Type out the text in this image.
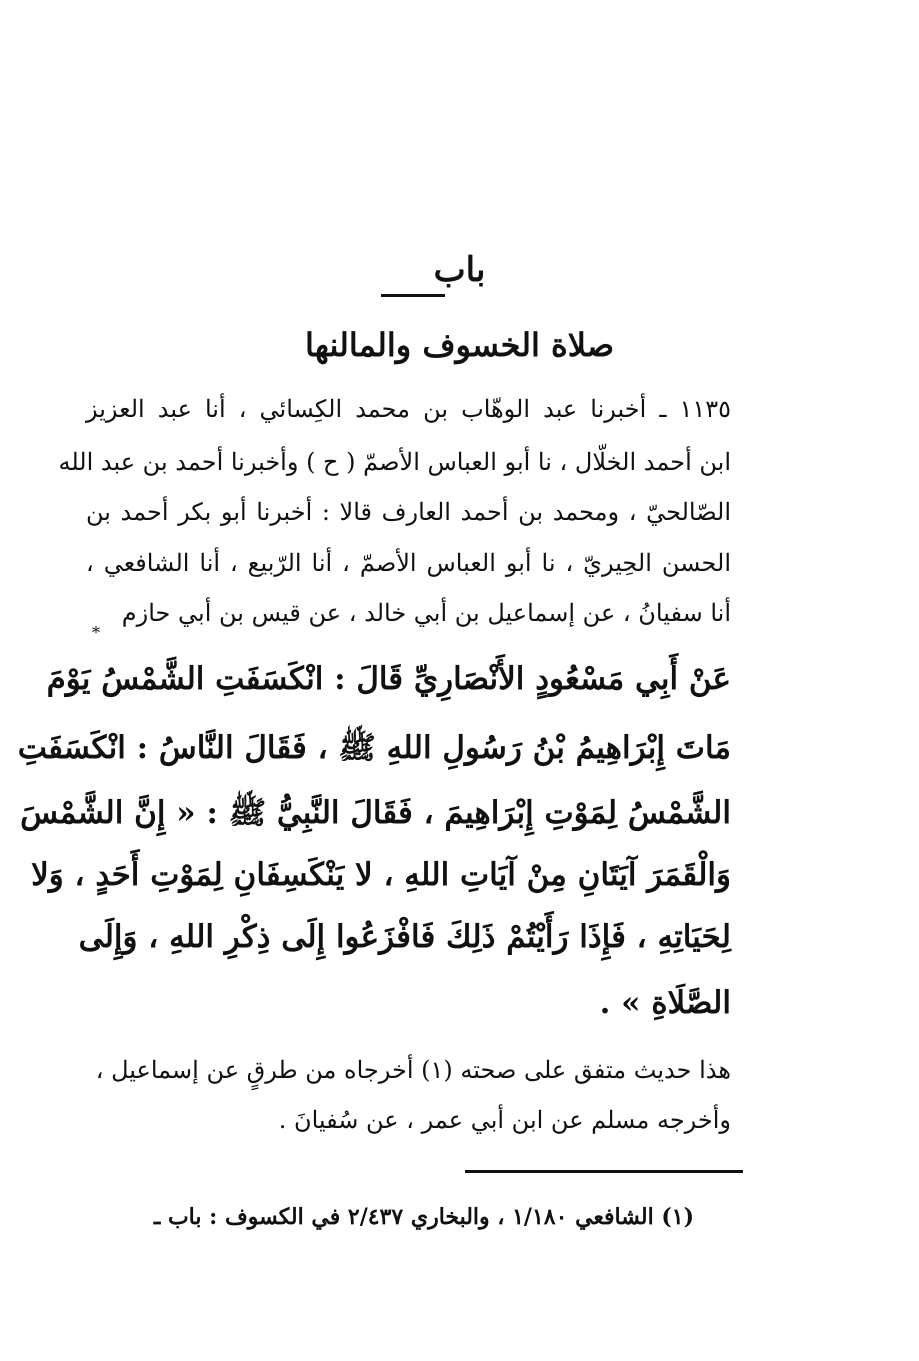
باب
صلاة الخسوف والمالنها
١١٣٥ ـ أخبرنا عبد الوهّاب بن محمد الكِسائي ، أنا عبد العزيز
ابن أحمد الخلّال ، نا أبو العباس الأصمّ ( ح ) وأخبرنا أحمد بن عبد الله
الصّالحيّ ، ومحمد بن أحمد العارف قالا : أخبرنا أبو بكر أحمد بن
الحسن الحِيريّ ، نا أبو العباس الأصمّ ، أنا الرّبيع ، أنا الشافعي ،
أنا سفيانُ ، عن إسماعيل بن أبي خالد ، عن قيس بن أبي حازم
*
عَنْ أَبِي مَسْعُودٍ الأَنْصَارِيِّ قَالَ : انْكَسَفَتِ الشَّمْسُ يَوْمَ
مَاتَ إِبْرَاهِيمُ بْنُ رَسُولِ اللهِ ﷺ ، فَقَالَ النَّاسُ : انْكَسَفَتِ
الشَّمْسُ لِمَوْتِ إِبْرَاهِيمَ ، فَقَالَ النَّبِيُّ ﷺ : « إِنَّ الشَّمْسَ
وَالْقَمَرَ آيَتَانِ مِنْ آيَاتِ اللهِ ، لا يَنْكَسِفَانِ لِمَوْتِ أَحَدٍ ، وَلا
لِحَيَاتِهِ ، فَإِذَا رَأَيْتُمْ ذَلِكَ فَافْزَعُوا إِلَى ذِكْرِ اللهِ ، وَإِلَى
الصَّلَاةِ » .
هذا حديث متفق على صحته (١) أخرجاه من طرقٍ عن إسماعيل ،
وأخرجه مسلم عن ابن أبي عمر ، عن سُفيانَ .
(١) الشافعي ١/١٨٠ ، والبخاري ٢/٤٣٧ في الكسوف : باب ـ
